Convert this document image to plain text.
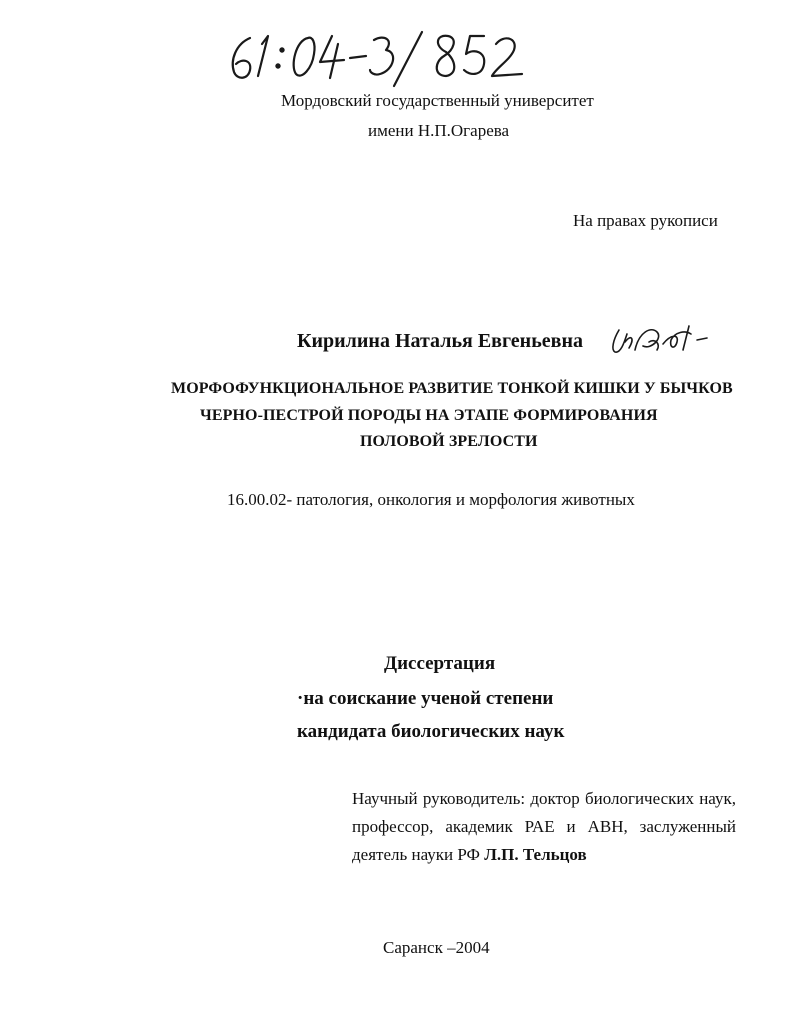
Мордовский государственный университет
имени Н.П.Огарева
На правах рукописи
Кирилина Наталья Евгеньевна
МОРФОФУНКЦИОНАЛЬНОЕ РАЗВИТИЕ ТОНКОЙ КИШКИ У БЫЧКОВ
ЧЕРНО-ПЕСТРОЙ ПОРОДЫ НА ЭТАПЕ ФОРМИРОВАНИЯ
ПОЛОВОЙ ЗРЕЛОСТИ
16.00.02- патология, онкология и морфология животных
Диссертация
·на соискание ученой степени
кандидата биологических наук
Научный руководитель: доктор биологических наук, профессор, академик РАЕ и АВН, заслуженный деятель науки РФ Л.П. Тельцов
Саранск –2004
